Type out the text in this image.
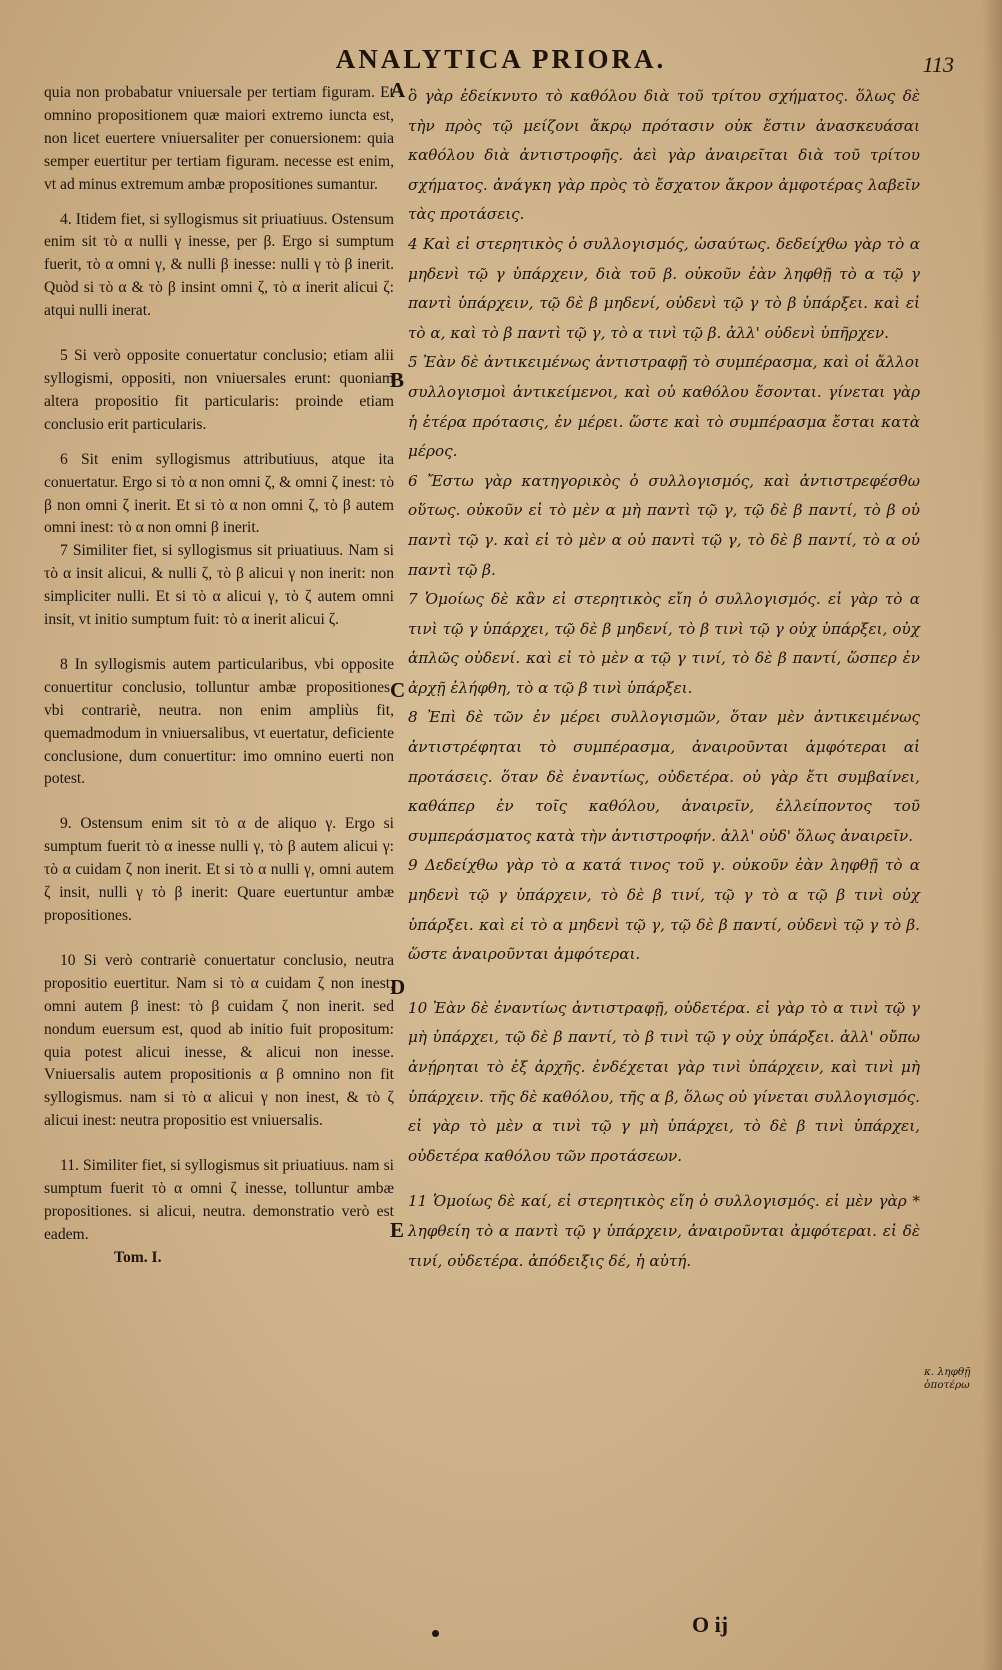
ANALYTICA PRIORA.	113

quia non probabatur vniuersale per tertiam figuram. Et omnino propositionem quæ maiori extremo iuncta est, non licet euertere vniuersaliter per conuersionem: quia semper euertitur per tertiam figuram. necesse est enim, vt ad minus extremum ambæ propositiones sumantur.

4. Itidem fiet, si syllogismus sit priuatiuus. Ostensum enim sit τὸ α nulli γ inesse, per β. Ergo si sumptum fuerit, τὸ α omni γ, & nulli β inesse: nulli γ τὸ β inerit. Quòd si τὸ α & τὸ β insint omni ζ, τὸ α inerit alicui ζ: atqui nulli inerat.

5 Si verò opposite conuertatur conclusio; etiam alii syllogismi, oppositi, non vniuersales erunt: quoniam altera propositio fit particularis: proinde etiam conclusio erit particularis.

6 Sit enim syllogismus attributiuus, atque ita conuertatur. Ergo si τὸ α non omni ζ, & omni ζ inest: τὸ β non omni ζ inerit. Et si τὸ α non omni ζ, τὸ β autem omni inest: τὸ α non omni β inerit.

7 Similiter fiet, si syllogismus sit priuatiuus. Nam si τὸ α insit alicui, & nulli ζ, τὸ β alicui γ non inerit: non simpliciter nulli. Et si τὸ α alicui γ, τὸ ζ autem omni insit, vt initio sumptum fuit: τὸ α inerit alicui ζ.

8 In syllogismis autem particularibus, vbi opposite conuertitur conclusio, tolluntur ambæ propositiones. vbi contrariè, neutra. non enim ampliùs fit, quemadmodum in vniuersalibus, vt euertatur, deficiente conclusione, dum conuertitur: imo omnino euerti non potest.

9. Ostensum enim sit τὸ α de aliquo γ. Ergo si sumptum fuerit τὸ α inesse nulli γ, τὸ β autem alicui γ: τὸ α cuidam ζ non inerit. Et si τὸ α nulli γ, omni autem ζ insit, nulli γ τὸ β inerit: Quare euertuntur ambæ propositiones.

10 Si verò contrariè conuertatur conclusio, neutra propositio euertitur. Nam si τὸ α cuidam ζ non inest, omni autem β inest: τὸ β cuidam ζ non inerit. sed nondum euersum est, quod ab initio fuit propositum: quia potest alicui inesse, & alicui non inesse. Vniuersalis autem propositionis α β omnino non fit syllogismus. nam si τὸ α alicui γ non inest, & τὸ ζ alicui inest: neutra propositio est vniuersalis.

11. Similiter fiet, si syllogismus sit priuatiuus. nam si sumptum fuerit τὸ α omni ζ inesse, tolluntur ambæ propositiones. si alicui, neutra. demonstratio verò est eadem.

Tom. I.

A
B
C
D
E

ὃ γὰρ ἐδείκνυτο τὸ καθόλου διὰ τοῦ τρίτου σχήματος. ὅλως δὲ τὴν πρὸς τῷ μείζονι ἄκρῳ πρότασιν οὐκ ἔστιν ἀνασκευάσαι καθόλου διὰ ἀντιστροφῆς. ἀεὶ γὰρ ἀναιρεῖται διὰ τοῦ τρίτου σχήματος. ἀνάγκη γὰρ πρὸς τὸ ἔσχατον ἄκρον ἀμφοτέρας λαβεῖν τὰς προτάσεις.

4 Καὶ εἰ στερητικὸς ὁ συλλογισμός, ὡσαύτως. δεδείχθω γὰρ τὸ α μηδενὶ τῷ γ ὑπάρχειν, διὰ τοῦ β. οὐκοῦν ἐὰν ληφθῇ τὸ α τῷ γ παντὶ ὑπάρχειν, τῷ δὲ β μηδενί, οὐδενὶ τῷ γ τὸ β ὑπάρξει. καὶ εἰ τὸ α, καὶ τὸ β παντὶ τῷ γ, τὸ α τινὶ τῷ β. ἀλλ' οὐδενὶ ὑπῆρχεν.

5 Ἐὰν δὲ ἀντικειμένως ἀντιστραφῇ τὸ συμπέρασμα, καὶ οἱ ἄλλοι συλλογισμοὶ ἀντικείμενοι, καὶ οὐ καθόλου ἔσονται. γίνεται γὰρ ἡ ἑτέρα πρότασις, ἐν μέρει. ὥστε καὶ τὸ συμπέρασμα ἔσται κατὰ μέρος.

6 Ἔστω γὰρ κατηγορικὸς ὁ συλλογισμός, καὶ ἀντιστρεφέσθω οὕτως. οὐκοῦν εἰ τὸ μὲν α μὴ παντὶ τῷ γ, τῷ δὲ β παντί, τὸ β οὐ παντὶ τῷ γ. καὶ εἰ τὸ μὲν α οὐ παντὶ τῷ γ, τὸ δὲ β παντί, τὸ α οὐ παντὶ τῷ β.

7 Ὁμοίως δὲ κἂν εἰ στερητικὸς εἴη ὁ συλλογισμός. εἰ γὰρ τὸ α τινὶ τῷ γ ὑπάρχει, τῷ δὲ β μηδενί, τὸ β τινὶ τῷ γ οὐχ ὑπάρξει, οὐχ ἁπλῶς οὐδενί. καὶ εἰ τὸ μὲν α τῷ γ τινί, τὸ δὲ β παντί, ὥσπερ ἐν ἀρχῇ ἐλήφθη, τὸ α τῷ β τινὶ ὑπάρξει.

8 Ἐπὶ δὲ τῶν ἐν μέρει συλλογισμῶν, ὅταν μὲν ἀντικειμένως ἀντιστρέφηται τὸ συμπέρασμα, ἀναιροῦνται ἀμφότεραι αἱ προτάσεις. ὅταν δὲ ἐναντίως, οὐδετέρα. οὐ γὰρ ἔτι συμβαίνει, καθάπερ ἐν τοῖς καθόλου, ἀναιρεῖν, ἐλλείποντος τοῦ συμπεράσματος κατὰ τὴν ἀντιστροφήν. ἀλλ' οὐδ' ὅλως ἀναιρεῖν.

9 Δεδείχθω γὰρ τὸ α κατά τινος τοῦ γ. οὐκοῦν ἐὰν ληφθῇ τὸ α μηδενὶ τῷ γ ὑπάρχειν, τὸ δὲ β τινί, τῷ γ τὸ α τῷ β τινὶ οὐχ ὑπάρξει. καὶ εἰ τὸ α μηδενὶ τῷ γ, τῷ δὲ β παντί, οὐδενὶ τῷ γ τὸ β. ὥστε ἀναιροῦνται ἀμφότεραι.

10 Ἐὰν δὲ ἐναντίως ἀντιστραφῇ, οὐδετέρα. εἰ γὰρ τὸ α τινὶ τῷ γ μὴ ὑπάρχει, τῷ δὲ β παντί, τὸ β τινὶ τῷ γ οὐχ ὑπάρξει. ἀλλ' οὔπω ἀνῄρηται τὸ ἐξ ἀρχῆς. ἐνδέχεται γὰρ τινὶ ὑπάρχειν, καὶ τινὶ μὴ ὑπάρχειν. τῆς δὲ καθόλου, τῆς α β, ὅλως οὐ γίνεται συλλογισμός. εἰ γὰρ τὸ μὲν α τινὶ τῷ γ μὴ ὑπάρχει, τὸ δὲ β τινὶ ὑπάρχει, οὐδετέρα καθόλου τῶν προτάσεων.

11 Ὁμοίως δὲ καί, εἰ στερητικὸς εἴη ὁ συλλογισμός. εἰ μὲν γὰρ * ληφθείη τὸ α παντὶ τῷ γ ὑπάρχειν, ἀναιροῦνται ἀμφότεραι. εἰ δὲ τινί, οὐδετέρα. ἀπόδειξις δέ, ἡ αὐτή.

κ. ληφθῇ ὁποτέρω
O ij
